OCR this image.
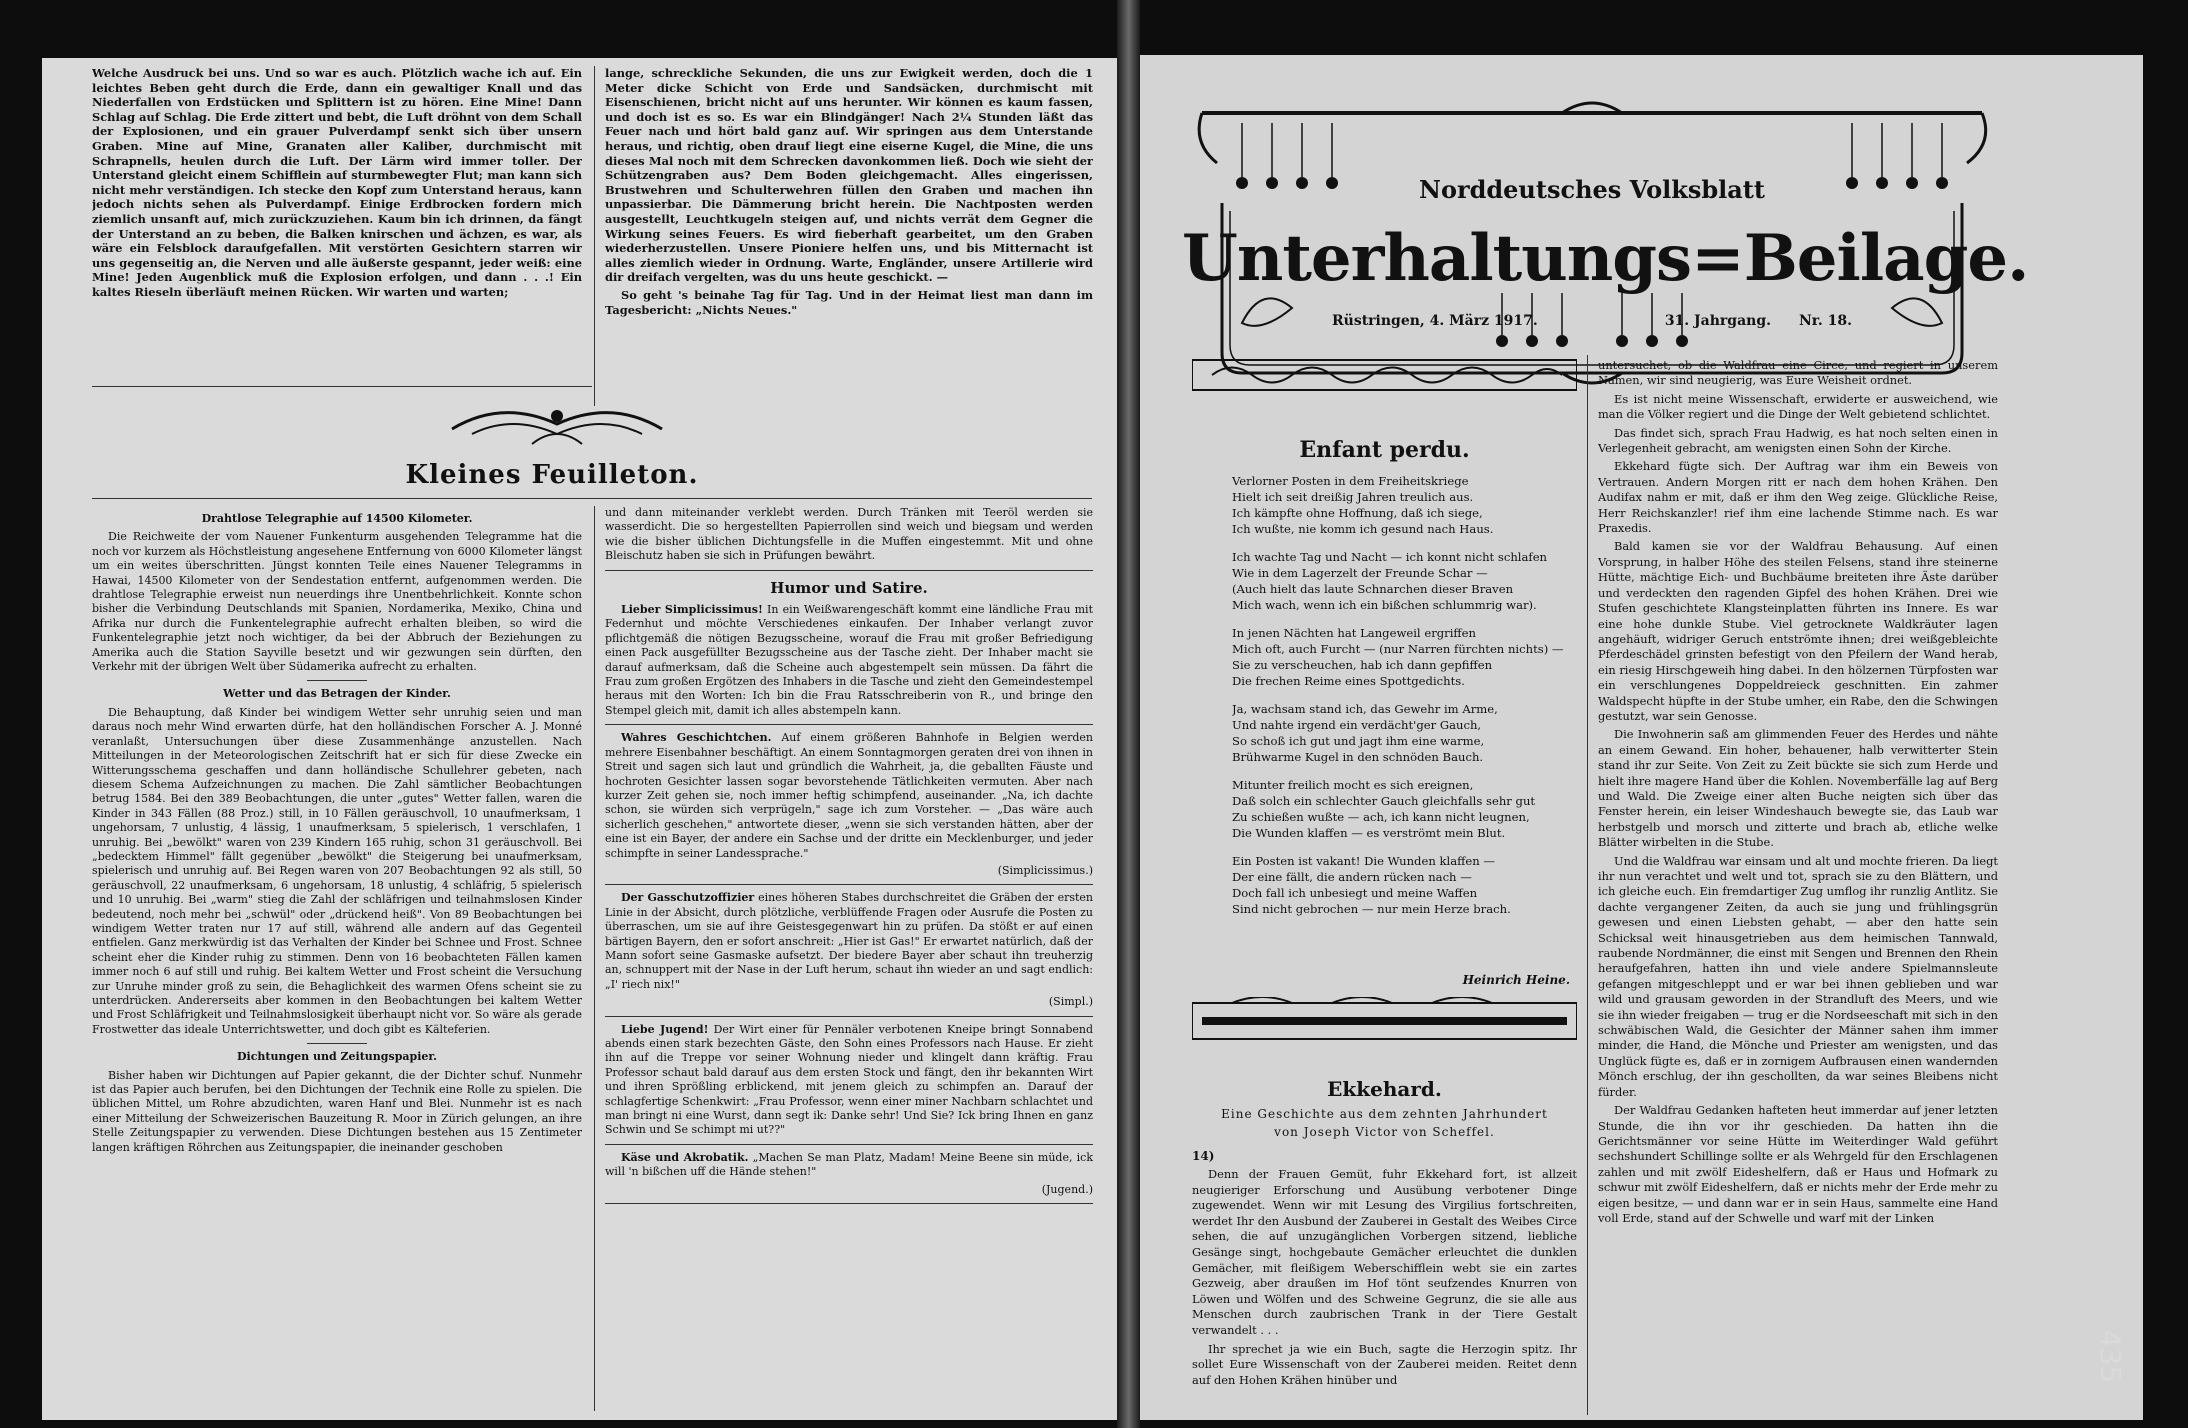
Welche Ausdruck bei uns. Und so war es auch. Plötzlich wache ich auf. Ein leichtes Beben geht durch die Erde, dann ein gewaltiger Knall und das Niederfallen von Erdstücken und Splittern ist zu hören. Eine Mine! Dann Schlag auf Schlag. Die Erde zittert und bebt, die Luft dröhnt von dem Schall der Explosionen, und ein grauer Pulverdampf senkt sich über unsern Graben. Mine auf Mine, Granaten aller Kaliber, durchmischt mit Schrapnells, heulen durch die Luft. Der Lärm wird immer toller. Der Unterstand gleicht einem Schifflein auf sturmbewegter Flut; man kann sich nicht mehr verständigen. Ich stecke den Kopf zum Unterstand heraus, kann jedoch nichts sehen als Pulverdampf. Einige Erdbrocken fordern mich ziemlich unsanft auf, mich zurückzuziehen. Kaum bin ich drinnen, da fängt der Unterstand an zu beben, die Balken knirschen und ächzen, es war, als wäre ein Felsblock daraufgefallen. Mit verstörten Gesichtern starren wir uns gegenseitig an, die Nerven und alle äußerste gespannt, jeder weiß: eine Mine! Jeden Augenblick muß die Explosion erfolgen, und dann . . .! Ein kaltes Rieseln überläuft meinen Rücken. Wir warten und warten;

lange, schreckliche Sekunden, die uns zur Ewigkeit werden, doch die 1 Meter dicke Schicht von Erde und Sandsäcken, durchmischt mit Eisenschienen, bricht nicht auf uns herunter. Wir können es kaum fassen, und doch ist es so. Es war ein Blindgänger! Nach 2¼ Stunden läßt das Feuer nach und hört bald ganz auf. Wir springen aus dem Unterstande heraus, und richtig, oben drauf liegt eine eiserne Kugel, die Mine, die uns dieses Mal noch mit dem Schrecken davonkommen ließ. Doch wie sieht der Schützengraben aus? Dem Boden gleichgemacht. Alles eingerissen, Brustwehren und Schulterwehren füllen den Graben und machen ihn unpassierbar. Die Dämmerung bricht herein. Die Nachtposten werden ausgestellt, Leuchtkugeln steigen auf, und nichts verrät dem Gegner die Wirkung seines Feuers. Es wird fieberhaft gearbeitet, um den Graben wiederherzustellen. Unsere Pioniere helfen uns, und bis Mitternacht ist alles ziemlich wieder in Ordnung. Warte, Engländer, unsere Artillerie wird dir dreifach vergelten, was du uns heute geschickt. —

So geht 's beinahe Tag für Tag. Und in der Heimat liest man dann im Tagesbericht: „Nichts Neues."

Kleines Feuilleton.
Drahtlose Telegraphie auf 14500 Kilometer.

Die Reichweite der vom Nauener Funkenturm ausgehenden Telegramme hat die noch vor kurzem als Höchstleistung angesehene Entfernung von 6000 Kilometer längst um ein weites überschritten. Jüngst konnten Teile eines Nauener Telegramms in Hawai, 14500 Kilometer von der Sendestation entfernt, aufgenommen werden. Die drahtlose Telegraphie erweist nun neuerdings ihre Unentbehrlichkeit. Konnte schon bisher die Verbindung Deutschlands mit Spanien, Nordamerika, Mexiko, China und Afrika nur durch die Funkentelegraphie aufrecht erhalten bleiben, so wird die Funkentelegraphie jetzt noch wichtiger, da bei der Abbruch der Beziehungen zu Amerika auch die Station Sayville besetzt und wir gezwungen sein dürften, den Verkehr mit der übrigen Welt über Südamerika aufrecht zu erhalten.

Wetter und das Betragen der Kinder.

Die Behauptung, daß Kinder bei windigem Wetter sehr unruhig seien und man daraus noch mehr Wind erwarten dürfe, hat den holländischen Forscher A. J. Monné veranlaßt, Untersuchungen über diese Zusammenhänge anzustellen. Nach Mitteilungen in der Meteorologischen Zeitschrift hat er sich für diese Zwecke ein Witterungsschema geschaffen und dann holländische Schullehrer gebeten, nach diesem Schema Aufzeichnungen zu machen. Die Zahl sämtlicher Beobachtungen betrug 1584. Bei den 389 Beobachtungen, die unter „gutes" Wetter fallen, waren die Kinder in 343 Fällen (88 Proz.) still, in 10 Fällen geräuschvoll, 10 unaufmerksam, 1 ungehorsam, 7 unlustig, 4 lässig, 1 unaufmerksam, 5 spielerisch, 1 verschlafen, 1 unruhig. Bei „bewölkt" waren von 239 Kindern 165 ruhig, schon 31 geräuschvoll. Bei „bedecktem Himmel" fällt gegenüber „bewölkt" die Steigerung bei unaufmerksam, spielerisch und unruhig auf. Bei Regen waren von 207 Beobachtungen 92 als still, 50 geräuschvoll, 22 unaufmerksam, 6 ungehorsam, 18 unlustig, 4 schläfrig, 5 spielerisch und 10 unruhig. Bei „warm" stieg die Zahl der schläfrigen und teilnahmslosen Kinder bedeutend, noch mehr bei „schwül" oder „drückend heiß". Von 89 Beobachtungen bei windigem Wetter traten nur 17 auf still, während alle andern auf das Gegenteil entfielen. Ganz merkwürdig ist das Verhalten der Kinder bei Schnee und Frost. Schnee scheint eher die Kinder ruhig zu stimmen. Denn von 16 beobachteten Fällen kamen immer noch 6 auf still und ruhig. Bei kaltem Wetter und Frost scheint die Versuchung zur Unruhe minder groß zu sein, die Behaglichkeit des warmen Ofens scheint sie zu unterdrücken. Andererseits aber kommen in den Beobachtungen bei kaltem Wetter und Frost Schläfrigkeit und Teilnahmslosigkeit überhaupt nicht vor. So wäre als gerade Frostwetter das ideale Unterrichtswetter, und doch gibt es Kälteferien.

Dichtungen und Zeitungspapier.

Bisher haben wir Dichtungen auf Papier gekannt, die der Dichter schuf. Nunmehr ist das Papier auch berufen, bei den Dichtungen der Technik eine Rolle zu spielen. Die üblichen Mittel, um Rohre abzudichten, waren Hanf und Blei. Nunmehr ist es nach einer Mitteilung der Schweizerischen Bauzeitung R. Moor in Zürich gelungen, an ihre Stelle Zeitungspapier zu verwenden. Diese Dichtungen bestehen aus 15 Zentimeter langen kräftigen Röhrchen aus Zeitungspapier, die ineinander geschoben

und dann miteinander verklebt werden. Durch Tränken mit Teeröl werden sie wasserdicht. Die so hergestellten Papierrollen sind weich und biegsam und werden wie die bisher üblichen Dichtungsfelle in die Muffen eingestemmt. Mit und ohne Bleischutz haben sie sich in Prüfungen bewährt.

Humor und Satire.

Lieber Simplicissimus! In ein Weißwarengeschäft kommt eine ländliche Frau mit Federnhut und möchte Verschiedenes einkaufen. Der Inhaber verlangt zuvor pflichtgemäß die nötigen Bezugsscheine, worauf die Frau mit großer Befriedigung einen Pack ausgefüllter Bezugsscheine aus der Tasche zieht. Der Inhaber macht sie darauf aufmerksam, daß die Scheine auch abgestempelt sein müssen. Da fährt die Frau zum großen Ergötzen des Inhabers in die Tasche und zieht den Gemeindestempel heraus mit den Worten: Ich bin die Frau Ratsschreiberin von R., und bringe den Stempel gleich mit, damit ich alles abstempeln kann.

Wahres Geschichtchen. Auf einem größeren Bahnhofe in Belgien werden mehrere Eisenbahner beschäftigt. An einem Sonntagmorgen geraten drei von ihnen in Streit und sagen sich laut und gründlich die Wahrheit, ja, die geballten Fäuste und hochroten Gesichter lassen sogar bevorstehende Tätlichkeiten vermuten. Aber nach kurzer Zeit gehen sie, noch immer heftig schimpfend, auseinander. „Na, ich dachte schon, sie würden sich verprügeln," sage ich zum Vorsteher. — „Das wäre auch sicherlich geschehen," antwortete dieser, „wenn sie sich verstanden hätten, aber der eine ist ein Bayer, der andere ein Sachse und der dritte ein Mecklenburger, und jeder schimpfte in seiner Landessprache."

(Simplicissimus.)

Der Gasschutzoffizier eines höheren Stabes durchschreitet die Gräben der ersten Linie in der Absicht, durch plötzliche, verblüffende Fragen oder Ausrufe die Posten zu überraschen, um sie auf ihre Geistesgegenwart hin zu prüfen. Da stößt er auf einen bärtigen Bayern, den er sofort anschreit: „Hier ist Gas!" Er erwartet natürlich, daß der Mann sofort seine Gasmaske aufsetzt. Der biedere Bayer aber schaut ihn treuherzig an, schnuppert mit der Nase in der Luft herum, schaut ihn wieder an und sagt endlich: „I' riech nix!"

(Simpl.)

Liebe Jugend! Der Wirt einer für Pennäler verbotenen Kneipe bringt Sonnabend abends einen stark bezechten Gäste, den Sohn eines Professors nach Hause. Er zieht ihn auf die Treppe vor seiner Wohnung nieder und klingelt dann kräftig. Frau Professor schaut bald darauf aus dem ersten Stock und fängt, den ihr bekannten Wirt und ihren Sprößling erblickend, mit jenem gleich zu schimpfen an. Darauf der schlagfertige Schenkwirt: „Frau Professor, wenn einer miner Nachbarn schlachtet und man bringt ni eine Wurst, dann segt ik: Danke sehr! Und Sie? Ick bring Ihnen en ganz Schwin und Se schimpt mi ut??"

Käse und Akrobatik. „Machen Se man Platz, Madam! Meine Beene sin müde, ick will 'n bißchen uff die Hände stehen!"

(Jugend.)
Norddeutsches Volksblatt
Unterhaltungs=Beilage.
Rüstringen, 4. März 1917.	31. Jahrgang. Nr. 18.
Enfant perdu.
Verlorner Posten in dem Freiheitskriege
Hielt ich seit dreißig Jahren treulich aus.
Ich kämpfte ohne Hoffnung, daß ich siege,
Ich wußte, nie komm ich gesund nach Haus.
Ich wachte Tag und Nacht — ich konnt nicht schlafen
Wie in dem Lagerzelt der Freunde Schar —
(Auch hielt das laute Schnarchen dieser Braven
Mich wach, wenn ich ein bißchen schlummrig war).
In jenen Nächten hat Langeweil ergriffen
Mich oft, auch Furcht — (nur Narren fürchten nichts) —
Sie zu verscheuchen, hab ich dann gepfiffen
Die frechen Reime eines Spottgedichts.
Ja, wachsam stand ich, das Gewehr im Arme,
Und nahte irgend ein verdächt'ger Gauch,
So schoß ich gut und jagt ihm eine warme,
Brühwarme Kugel in den schnöden Bauch.
Mitunter freilich mocht es sich ereignen,
Daß solch ein schlechter Gauch gleichfalls sehr gut
Zu schießen wußte — ach, ich kann nicht leugnen,
Die Wunden klaffen — es verströmt mein Blut.
Ein Posten ist vakant! Die Wunden klaffen —
Der eine fällt, die andern rücken nach —
Doch fall ich unbesiegt und meine Waffen
Sind nicht gebrochen — nur mein Herze brach.
Heinrich Heine.
Ekkehard.
Eine Geschichte aus dem zehnten Jahrhundert
von Joseph Victor von Scheffel.
14)

Denn der Frauen Gemüt, fuhr Ekkehard fort, ist allzeit neugieriger Erforschung und Ausübung verbotener Dinge zugewendet. Wenn wir mit Lesung des Virgilius fortschreiten, werdet Ihr den Ausbund der Zauberei in Gestalt des Weibes Circe sehen, die auf unzugänglichen Vorbergen sitzend, liebliche Gesänge singt, hochgebaute Gemächer erleuchtet die dunklen Gemächer, mit fleißigem Weberschifflein webt sie ein zartes Gezweig, aber draußen im Hof tönt seufzendes Knurren von Löwen und Wölfen und des Schweine Gegrunz, die sie alle aus Menschen durch zaubrischen Trank in der Tiere Gestalt verwandelt . . .

Ihr sprechet ja wie ein Buch, sagte die Herzogin spitz. Ihr sollet Eure Wissenschaft von der Zauberei meiden. Reitet denn auf den Hohen Krähen hinüber und

untersuchet, ob die Waldfrau eine Circe, und regiert in unserem Namen, wir sind neugierig, was Eure Weisheit ordnet.

Es ist nicht meine Wissenschaft, erwiderte er ausweichend, wie man die Völker regiert und die Dinge der Welt gebietend schlichtet.

Das findet sich, sprach Frau Hadwig, es hat noch selten einen in Verlegenheit gebracht, am wenigsten einen Sohn der Kirche.

Ekkehard fügte sich. Der Auftrag war ihm ein Beweis von Vertrauen. Andern Morgen ritt er nach dem hohen Krähen. Den Audifax nahm er mit, daß er ihm den Weg zeige. Glückliche Reise, Herr Reichskanzler! rief ihm eine lachende Stimme nach. Es war Praxedis.

Bald kamen sie vor der Waldfrau Behausung. Auf einen Vorsprung, in halber Höhe des steilen Felsens, stand ihre steinerne Hütte, mächtige Eich- und Buchbäume breiteten ihre Äste darüber und verdeckten den ragenden Gipfel des hohen Krähen. Drei wie Stufen geschichtete Klangsteinplatten führten ins Innere. Es war eine hohe dunkle Stube. Viel getrocknete Waldkräuter lagen angehäuft, widriger Geruch entströmte ihnen; drei weißgebleichte Pferdeschädel grinsten befestigt von den Pfeilern der Wand herab, ein riesig Hirschgeweih hing dabei. In den hölzernen Türpfosten war ein verschlungenes Doppeldreieck geschnitten. Ein zahmer Waldspecht hüpfte in der Stube umher, ein Rabe, den die Schwingen gestutzt, war sein Genosse.

Die Inwohnerin saß am glimmenden Feuer des Herdes und nähte an einem Gewand. Ein hoher, behauener, halb verwitterter Stein stand ihr zur Seite. Von Zeit zu Zeit bückte sie sich zum Herde und hielt ihre magere Hand über die Kohlen. Novemberfälle lag auf Berg und Wald. Die Zweige einer alten Buche neigten sich über das Fenster herein, ein leiser Windeshauch bewegte sie, das Laub war herbstgelb und morsch und zitterte und brach ab, etliche welke Blätter wirbelten in die Stube.

Und die Waldfrau war einsam und alt und mochte frieren. Da liegt ihr nun verachtet und welt und tot, sprach sie zu den Blättern, und ich gleiche euch. Ein fremdartiger Zug umflog ihr runzlig Antlitz. Sie dachte vergangener Zeiten, da auch sie jung und frühlingsgrün gewesen und einen Liebsten gehabt, — aber den hatte sein Schicksal weit hinausgetrieben aus dem heimischen Tannwald, raubende Nordmänner, die einst mit Sengen und Brennen den Rhein heraufgefahren, hatten ihn und viele andere Spielmannsleute gefangen mitgeschleppt und er war bei ihnen geblieben und war wild und grausam geworden in der Strandluft des Meers, und wie sie ihn wieder freigaben — trug er die Nordseeschaft mit sich in den schwäbischen Wald, die Gesichter der Männer sahen ihm immer minder, die Hand, die Mönche und Priester am wenigsten, und das Unglück fügte es, daß er in zornigem Aufbrausen einen wandernden Mönch erschlug, der ihn geschollten, da war seines Bleibens nicht fürder.

Der Waldfrau Gedanken hafteten heut immerdar auf jener letzten Stunde, die ihn vor ihr geschieden. Da hatten ihn die Gerichtsmänner vor seine Hütte im Weiterdinger Wald geführt sechshundert Schillinge sollte er als Wehrgeld für den Erschlagenen zahlen und mit zwölf Eideshelfern, daß er Haus und Hofmark zu schwur mit zwölf Eideshelfern, daß er nichts mehr der Erde mehr zu eigen besitze, — und dann war er in sein Haus, sammelte eine Hand voll Erde, stand auf der Schwelle und warf mit der Linken

435
